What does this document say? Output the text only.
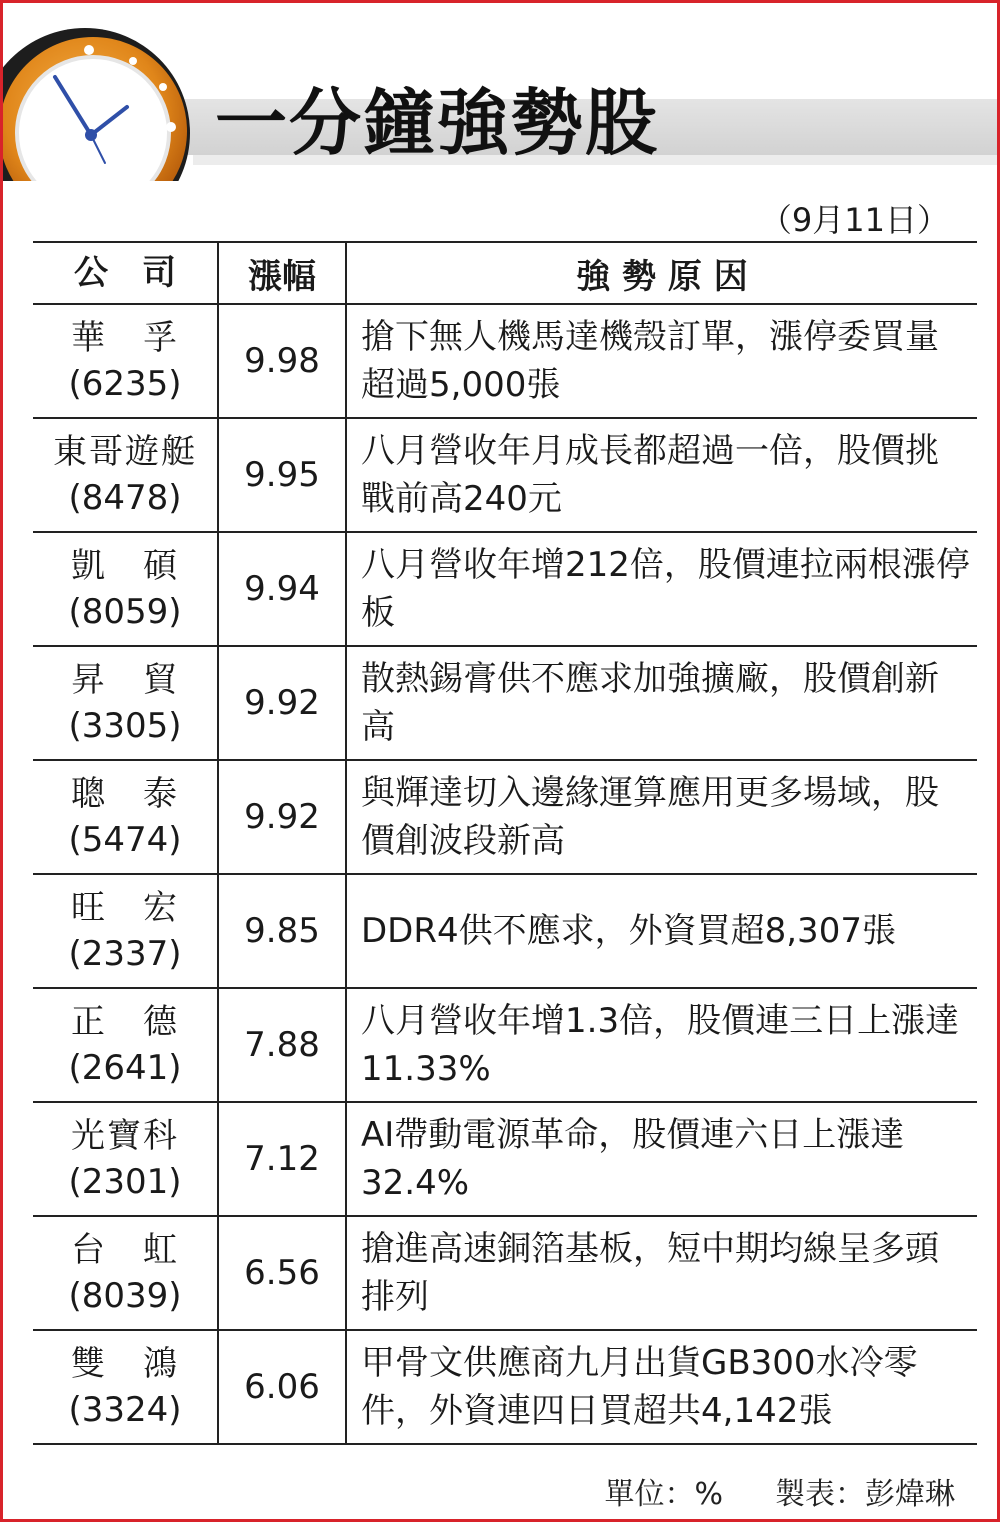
一分鐘強勢股
（9月11日）
公　司	漲幅	強 勢 原 因

華　孚
(6235)	9.98	搶下無人機馬達機殼訂單，漲停委買量超過5,000張

東哥遊艇
(8478)	9.95	八月營收年月成長都超過一倍，股價挑戰前高240元

凱　碩
(8059)	9.94	八月營收年增212倍，股價連拉兩根漲停板

昇　貿
(3305)	9.92	散熱錫膏供不應求加強擴廠，股價創新高

聰　泰
(5474)	9.92	與輝達切入邊緣運算應用更多場域，股價創波段新高

旺　宏
(2337)	9.85	DDR4供不應求，外資買超8,307張

正　德
(2641)	7.88	八月營收年增1.3倍，股價連三日上漲達11.33%

光寶科
(2301)	7.12	AI帶動電源革命，股價連六日上漲達32.4%

台　虹
(8039)	6.56	搶進高速銅箔基板，短中期均線呈多頭排列

雙　鴻
(3324)	6.06	甲骨文供應商九月出貨GB300水冷零件，外資連四日買超共4,142張
單位：% 製表：彭煒琳
